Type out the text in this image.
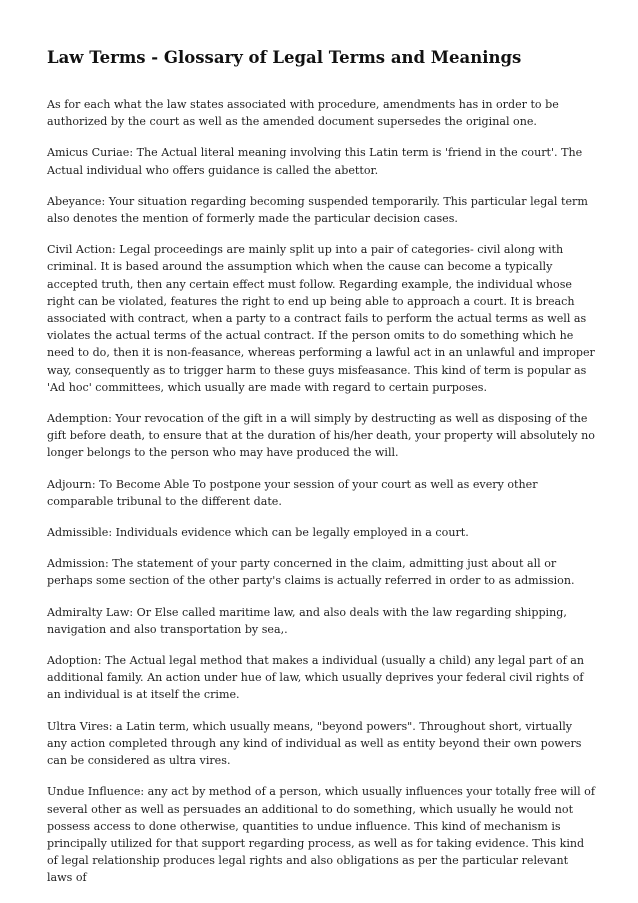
Law Terms - Glossary of Legal Terms and Meanings

As for each what the law states associated with procedure, amendments has in order to be authorized by the court as well as the amended document supersedes the original one.

Amicus Curiae: The Actual literal meaning involving this Latin term is 'friend in the court'. The Actual individual who offers guidance is called the abettor.

Abeyance: Your situation regarding becoming suspended temporarily. This particular legal term also denotes the mention of formerly made the particular decision cases.

Civil Action: Legal proceedings are mainly split up into a pair of categories- civil along with criminal. It is based around the assumption which when the cause can become a typically accepted truth, then any certain effect must follow. Regarding example, the individual whose right can be violated, features the right to end up being able to approach a court. It is breach associated with contract, when a party to a contract fails to perform the actual terms as well as violates the actual terms of the actual contract. If the person omits to do something which he need to do, then it is non-feasance, whereas performing a lawful act in an unlawful and improper way, consequently as to trigger harm to these guys misfeasance. This kind of term is popular as 'Ad hoc' committees, which usually are made with regard to certain purposes.

Ademption: Your revocation of the gift in a will simply by destructing as well as disposing of the gift before death, to ensure that at the duration of his/her death, your property will absolutely no longer belongs to the person who may have produced the will.

Adjourn: To Become Able To postpone your session of your court as well as every other comparable tribunal to the different date.

Admissible: Individuals evidence which can be legally employed in a court.

Admission: The statement of your party concerned in the claim, admitting just about all or perhaps some section of the other party's claims is actually referred in order to as admission.

Admiralty Law: Or Else called maritime law, and also deals with the law regarding shipping, navigation and also transportation by sea,.

Adoption: The Actual legal method that makes a individual (usually a child) any legal part of an additional family. An action under hue of law, which usually deprives your federal civil rights of an individual is at itself the crime.

Ultra Vires: a Latin term, which usually means, "beyond powers". Throughout short, virtually any action completed through any kind of individual as well as entity beyond their own powers can be considered as ultra vires.

Undue Influence: any act by method of a person, which usually influences your totally free will of several other as well as persuades an additional to do something, which usually he would not possess access to done otherwise, quantities to undue influence. This kind of mechanism is principally utilized for that support regarding process, as well as for taking evidence. This kind of legal relationship produces legal rights and also obligations as per the particular relevant laws of
